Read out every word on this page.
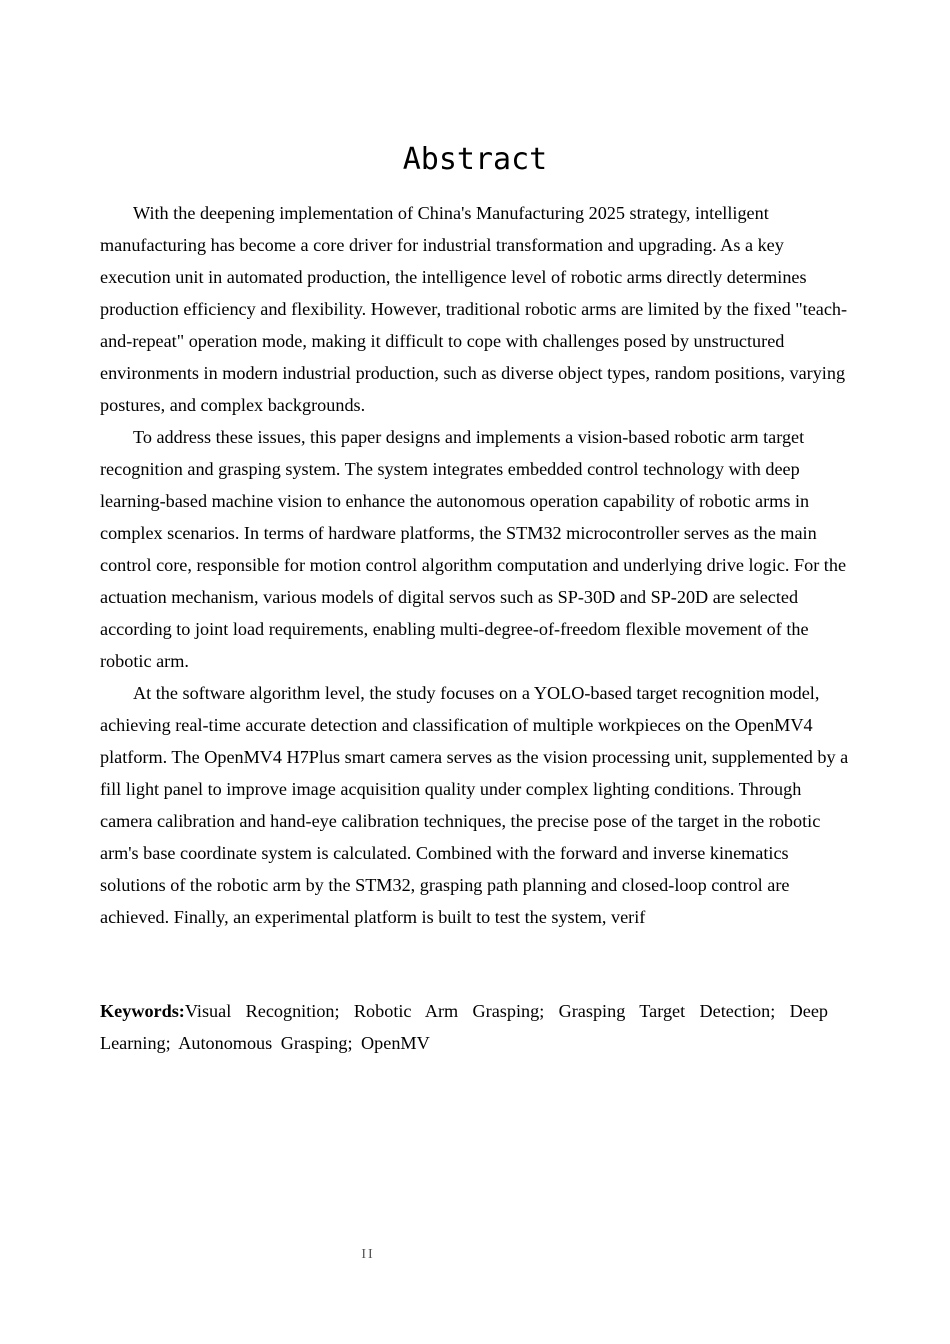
Abstract

With the deepening implementation of China's Manufacturing 2025 strategy, intelligent manufacturing has become a core driver for industrial transformation and upgrading. As a key execution unit in automated production, the intelligence level of robotic arms directly determines production efficiency and flexibility. However, traditional robotic arms are limited by the fixed "teach-and-repeat" operation mode, making it difficult to cope with challenges posed by unstructured environments in modern industrial production, such as diverse object types, random positions, varying postures, and complex backgrounds.

To address these issues, this paper designs and implements a vision-based robotic arm target recognition and grasping system. The system integrates embedded control technology with deep learning-based machine vision to enhance the autonomous operation capability of robotic arms in complex scenarios. In terms of hardware platforms, the STM32 microcontroller serves as the main control core, responsible for motion control algorithm computation and underlying drive logic. For the actuation mechanism, various models of digital servos such as SP-30D and SP-20D are selected according to joint load requirements, enabling multi-degree-of-freedom flexible movement of the robotic arm.

At the software algorithm level, the study focuses on a YOLO-based target recognition model, achieving real-time accurate detection and classification of multiple workpieces on the OpenMV4 platform. The OpenMV4 H7Plus smart camera serves as the vision processing unit, supplemented by a fill light panel to improve image acquisition quality under complex lighting conditions. Through camera calibration and hand-eye calibration techniques, the precise pose of the target in the robotic arm's base coordinate system is calculated. Combined with the forward and inverse kinematics solutions of the robotic arm by the STM32, grasping path planning and closed-loop control are achieved. Finally, an experimental platform is built to test the system, verif

Keywords:Visual Recognition; Robotic Arm Grasping; Grasping Target Detection; Deep Learning; Autonomous Grasping; OpenMV

II
